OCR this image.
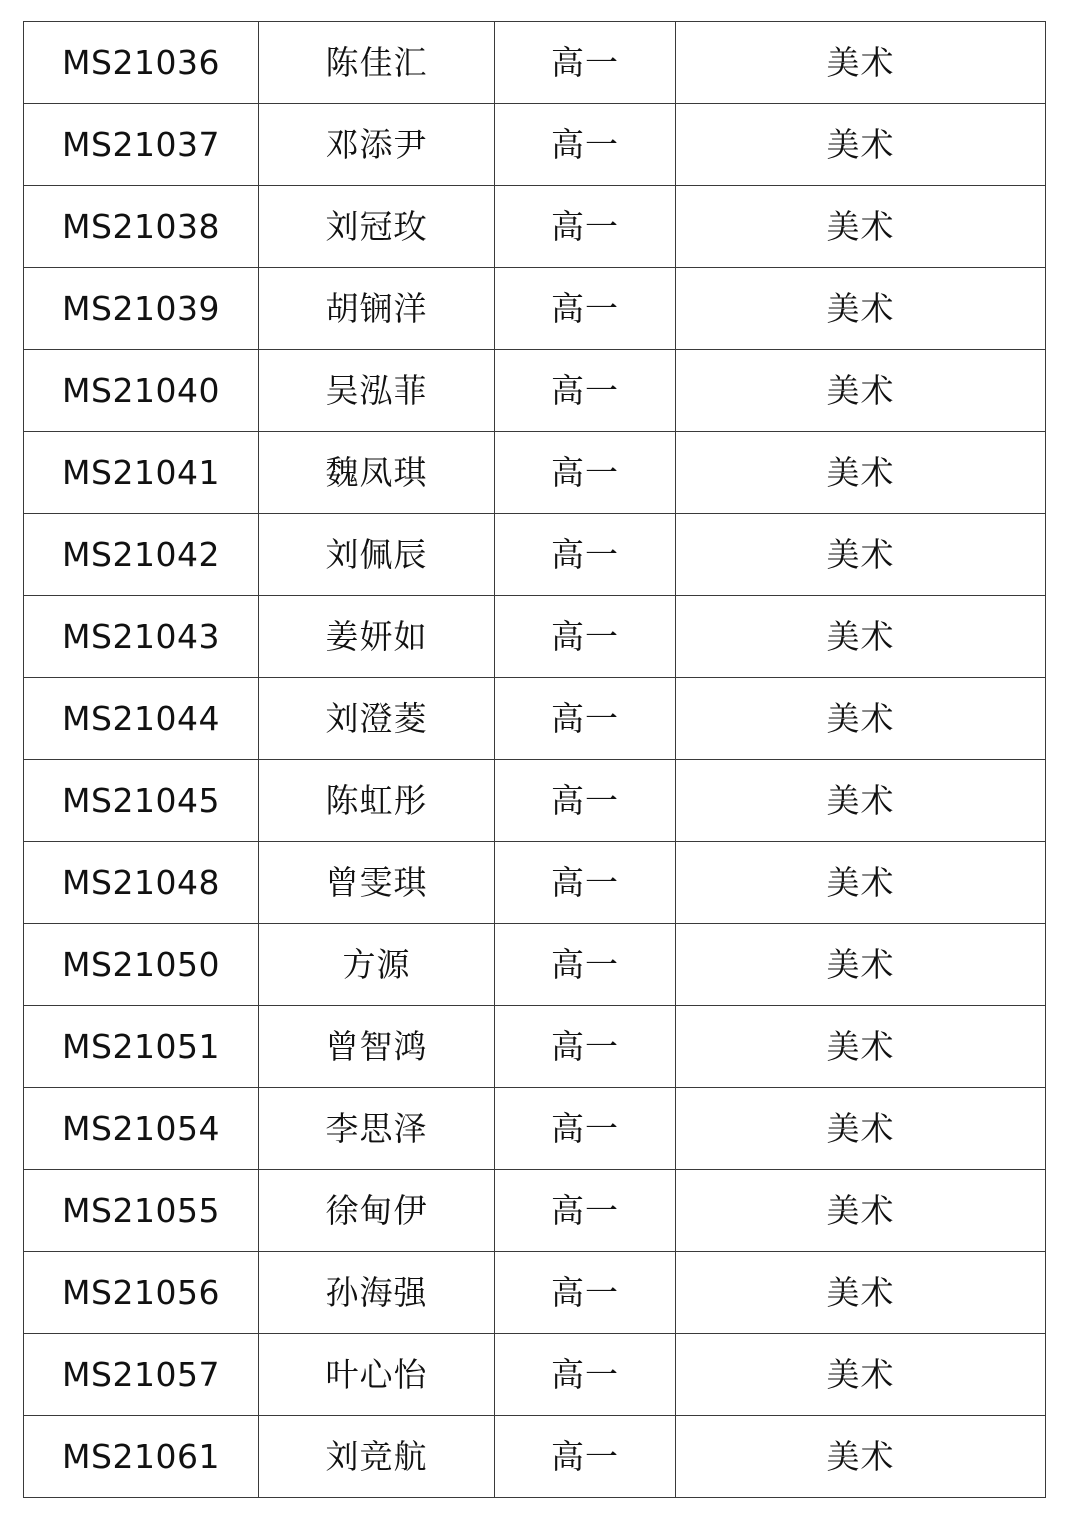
MS21036	陈佳汇	高一	美术
MS21037	邓添尹	高一	美术
MS21038	刘冠玫	高一	美术
MS21039	胡锎洋	高一	美术
MS21040	吴泓菲	高一	美术
MS21041	魏凤琪	高一	美术
MS21042	刘佩辰	高一	美术
MS21043	姜妍如	高一	美术
MS21044	刘澄菱	高一	美术
MS21045	陈虹彤	高一	美术
MS21048	曾雯琪	高一	美术
MS21050	方源	高一	美术
MS21051	曾智鸿	高一	美术
MS21054	李思泽	高一	美术
MS21055	徐甸伊	高一	美术
MS21056	孙海强	高一	美术
MS21057	叶心怡	高一	美术
MS21061	刘竞航	高一	美术
